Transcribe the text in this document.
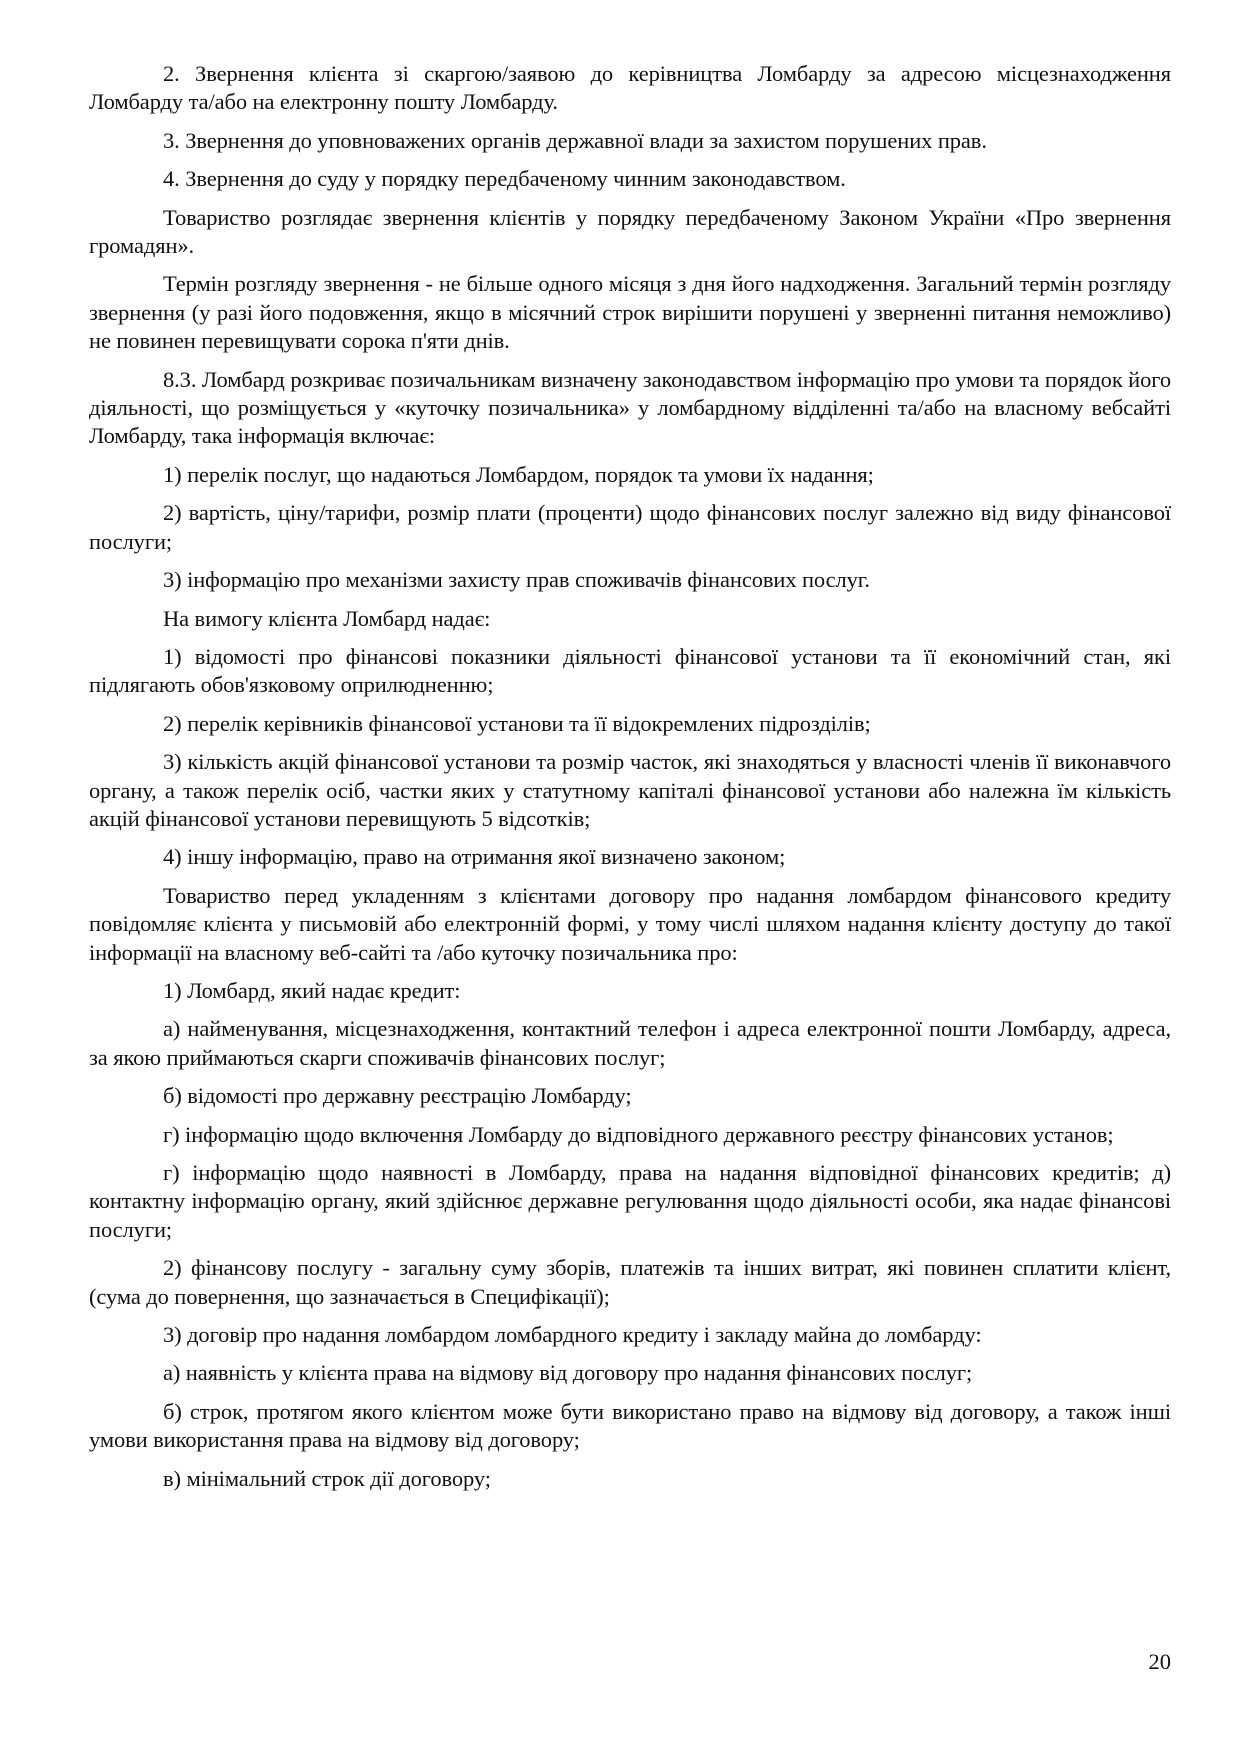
2. Звернення клієнта зі скаргою/заявою до керівництва Ломбарду за адресою місцезнаходження Ломбарду та/або на електронну пошту Ломбарду.

3. Звернення до уповноважених органів державної влади за захистом порушених прав.

4. Звернення до суду у порядку передбаченому чинним законодавством.

Товариство розглядає звернення клієнтів у порядку передбаченому Законом України «Про звернення громадян».

Термін розгляду звернення - не більше одного місяця з дня його надходження. Загальний термін розгляду звернення (у разі його подовження, якщо в місячний строк вирішити порушені у зверненні питання неможливо) не повинен перевищувати сорока п'яти днів.

8.3. Ломбард розкриває позичальникам визначену законодавством інформацію про умови та порядок його діяльності, що розміщується у «куточку позичальника» у ломбардному відділенні та/або на власному вебсайті Ломбарду, така інформація включає:

1) перелік послуг, що надаються Ломбардом, порядок та умови їх надання;

2) вартість, ціну/тарифи, розмір плати (проценти) щодо фінансових послуг залежно від виду фінансової послуги;

3) інформацію про механізми захисту прав споживачів фінансових послуг.

На вимогу клієнта Ломбард надає:

1) відомості про фінансові показники діяльності фінансової установи та її економічний стан, які підлягають обов'язковому оприлюдненню;

2) перелік керівників фінансової установи та її відокремлених підрозділів;

3) кількість акцій фінансової установи та розмір часток, які знаходяться у власності членів її виконавчого органу, а також перелік осіб, частки яких у статутному капіталі фінансової установи або належна їм кількість акцій фінансової установи перевищують 5 відсотків;

4) іншу інформацію, право на отримання якої визначено законом;

Товариство перед укладенням з клієнтами договору про надання ломбардом фінансового кредиту повідомляє клієнта у письмовій або електронній формі, у тому числі шляхом надання клієнту доступу до такої інформації на власному веб-сайті та /або куточку позичальника про:

1) Ломбард, який надає кредит:

а) найменування, місцезнаходження, контактний телефон і адреса електронної пошти Ломбарду, адреса, за якою приймаються скарги споживачів фінансових послуг;

б) відомості про державну реєстрацію Ломбарду;

г) інформацію щодо включення Ломбарду до відповідного державного реєстру фінансових установ;

г) інформацію щодо наявності в Ломбарду, права на надання відповідної фінансових кредитів; д) контактну інформацію органу, який здійснює державне регулювання щодо діяльності особи, яка надає фінансові послуги;

2) фінансову послугу - загальну суму зборів, платежів та інших витрат, які повинен сплатити клієнт, (сума до повернення, що зазначається в Специфікації);

3) договір про надання ломбардом ломбардного кредиту і закладу майна до ломбарду:

а) наявність у клієнта права на відмову від договору про надання фінансових послуг;

б) строк, протягом якого клієнтом може бути використано право на відмову від договору, а також інші умови використання права на відмову від договору;

в) мінімальний строк дії договору;

20
